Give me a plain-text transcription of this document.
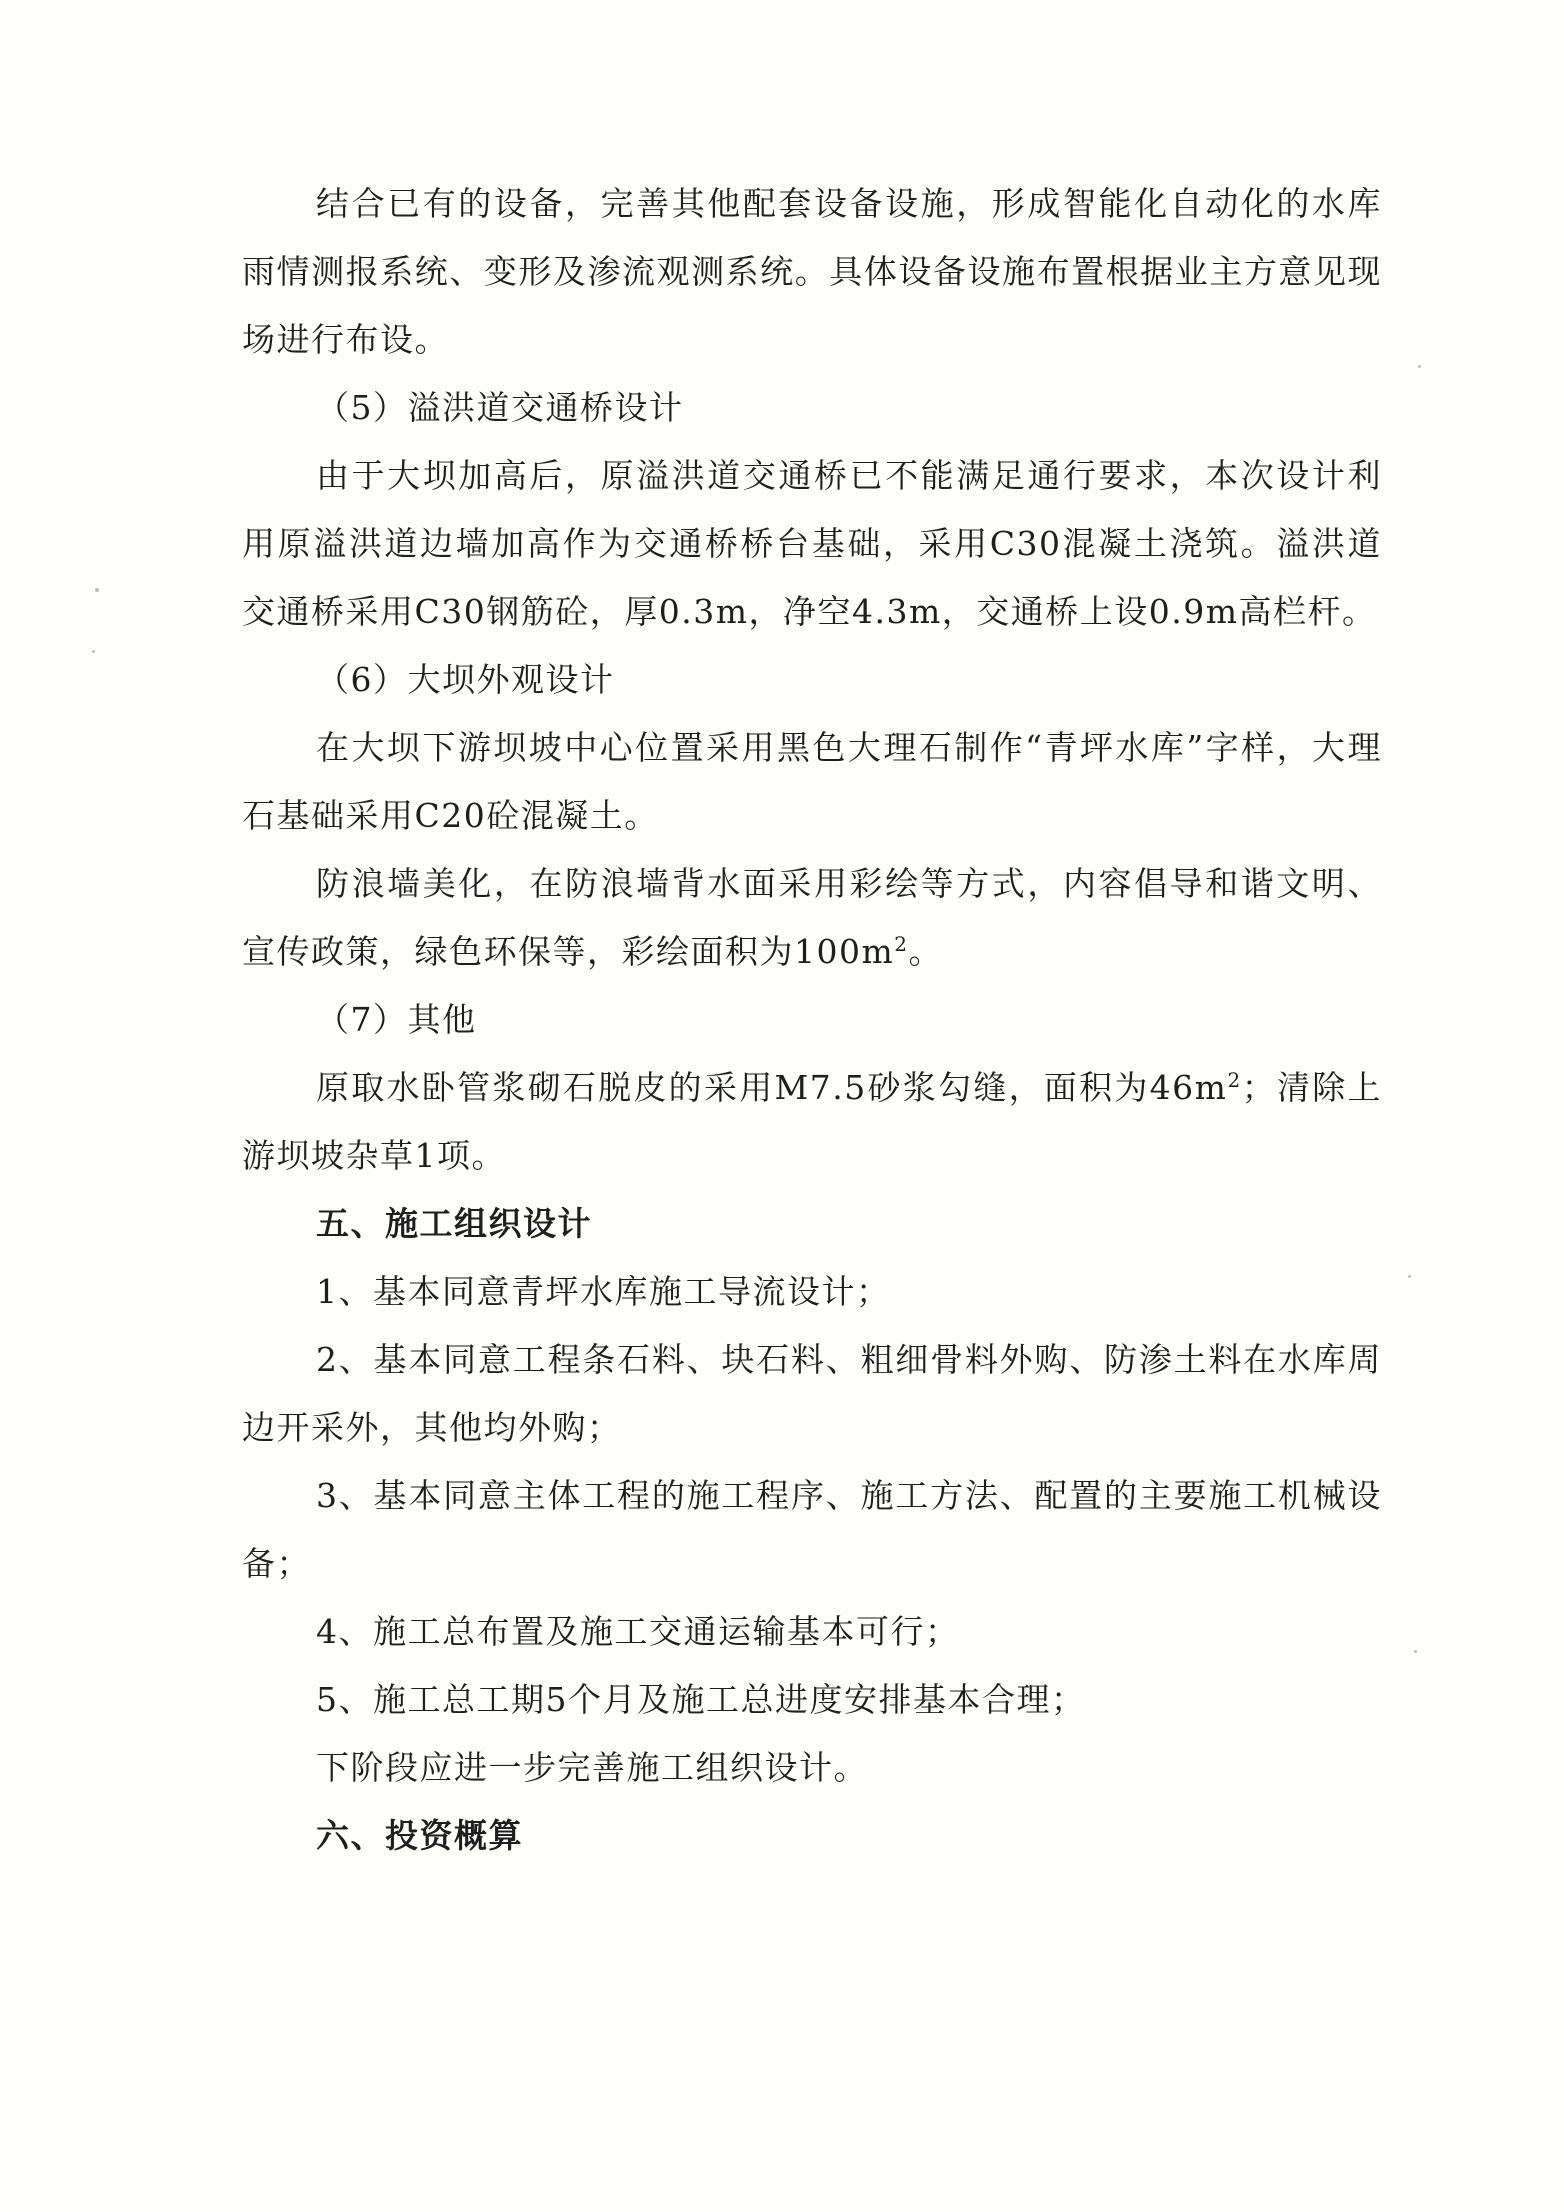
结合已有的设备，完善其他配套设备设施，形成智能化自动化的水库雨情测报系统、变形及渗流观测系统。具体设备设施布置根据业主方意见现场进行布设。

（5）溢洪道交通桥设计

由于大坝加高后，原溢洪道交通桥已不能满足通行要求，本次设计利用原溢洪道边墙加高作为交通桥桥台基础，采用C30混凝土浇筑。溢洪道交通桥采用C30钢筋砼，厚0.3m，净空4.3m，交通桥上设0.9m高栏杆。

（6）大坝外观设计

在大坝下游坝坡中心位置采用黑色大理石制作“青坪水库”字样，大理石基础采用C20砼混凝土。

防浪墙美化，在防浪墙背水面采用彩绘等方式，内容倡导和谐文明、宣传政策，绿色环保等，彩绘面积为$100m^2$。

（7）其他

原取水卧管浆砌石脱皮的采用M7.5砂浆勾缝，面积为$46m^2$；清除上游坝坡杂草1项。

五、施工组织设计

1、基本同意青坪水库施工导流设计；

2、基本同意工程条石料、块石料、粗细骨料外购、防渗土料在水库周边开采外，其他均外购；

3、基本同意主体工程的施工程序、施工方法、配置的主要施工机械设备；

4、施工总布置及施工交通运输基本可行；

5、施工总工期5个月及施工总进度安排基本合理；

下阶段应进一步完善施工组织设计。

六、投资概算
